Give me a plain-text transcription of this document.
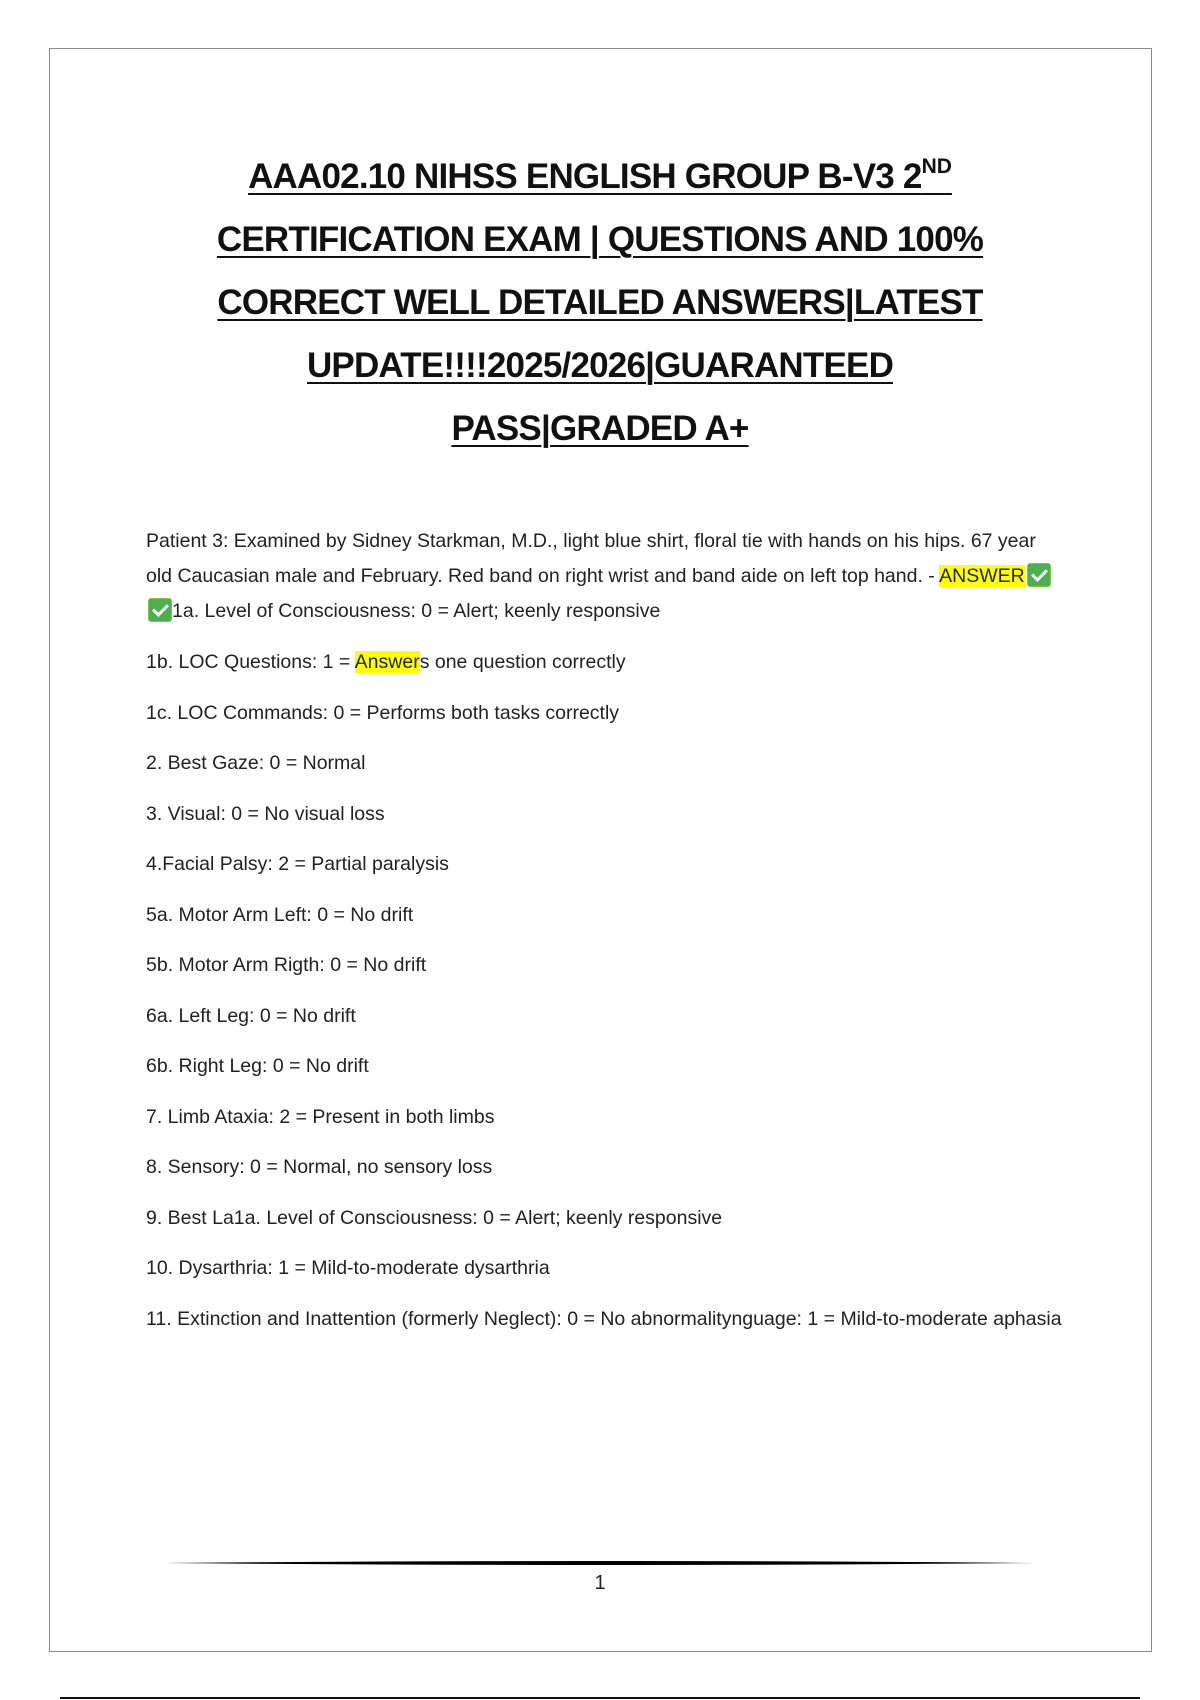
AAA02.10 NIHSS ENGLISH GROUP B-V3 2ND
CERTIFICATION EXAM | QUESTIONS AND 100%
CORRECT WELL DETAILED ANSWERS|LATEST
UPDATE!!!!2025/2026|GUARANTEED
PASS|GRADED A+

Patient 3: Examined by Sidney Starkman, M.D., light blue shirt, floral tie with hands on his hips. 67 year old Caucasian male and February. Red band on right wrist and band aide on left top hand. - ANSWER1a. Level of Consciousness: 0 = Alert; keenly responsive

1b. LOC Questions: 1 = Answers one question correctly

1c. LOC Commands: 0 = Performs both tasks correctly

2. Best Gaze: 0 = Normal

3. Visual: 0 = No visual loss

4.Facial Palsy: 2 = Partial paralysis

5a. Motor Arm Left: 0 = No drift

5b. Motor Arm Rigth: 0 = No drift

6a. Left Leg: 0 = No drift

6b. Right Leg: 0 = No drift

7. Limb Ataxia: 2 = Present in both limbs

8. Sensory: 0 = Normal, no sensory loss

9. Best La1a. Level of Consciousness: 0 = Alert; keenly responsive

10. Dysarthria: 1 = Mild-to-moderate dysarthria

11. Extinction and Inattention (formerly Neglect): 0 = No abnormalitynguage: 1 = Mild-to-moderate aphasia

1
